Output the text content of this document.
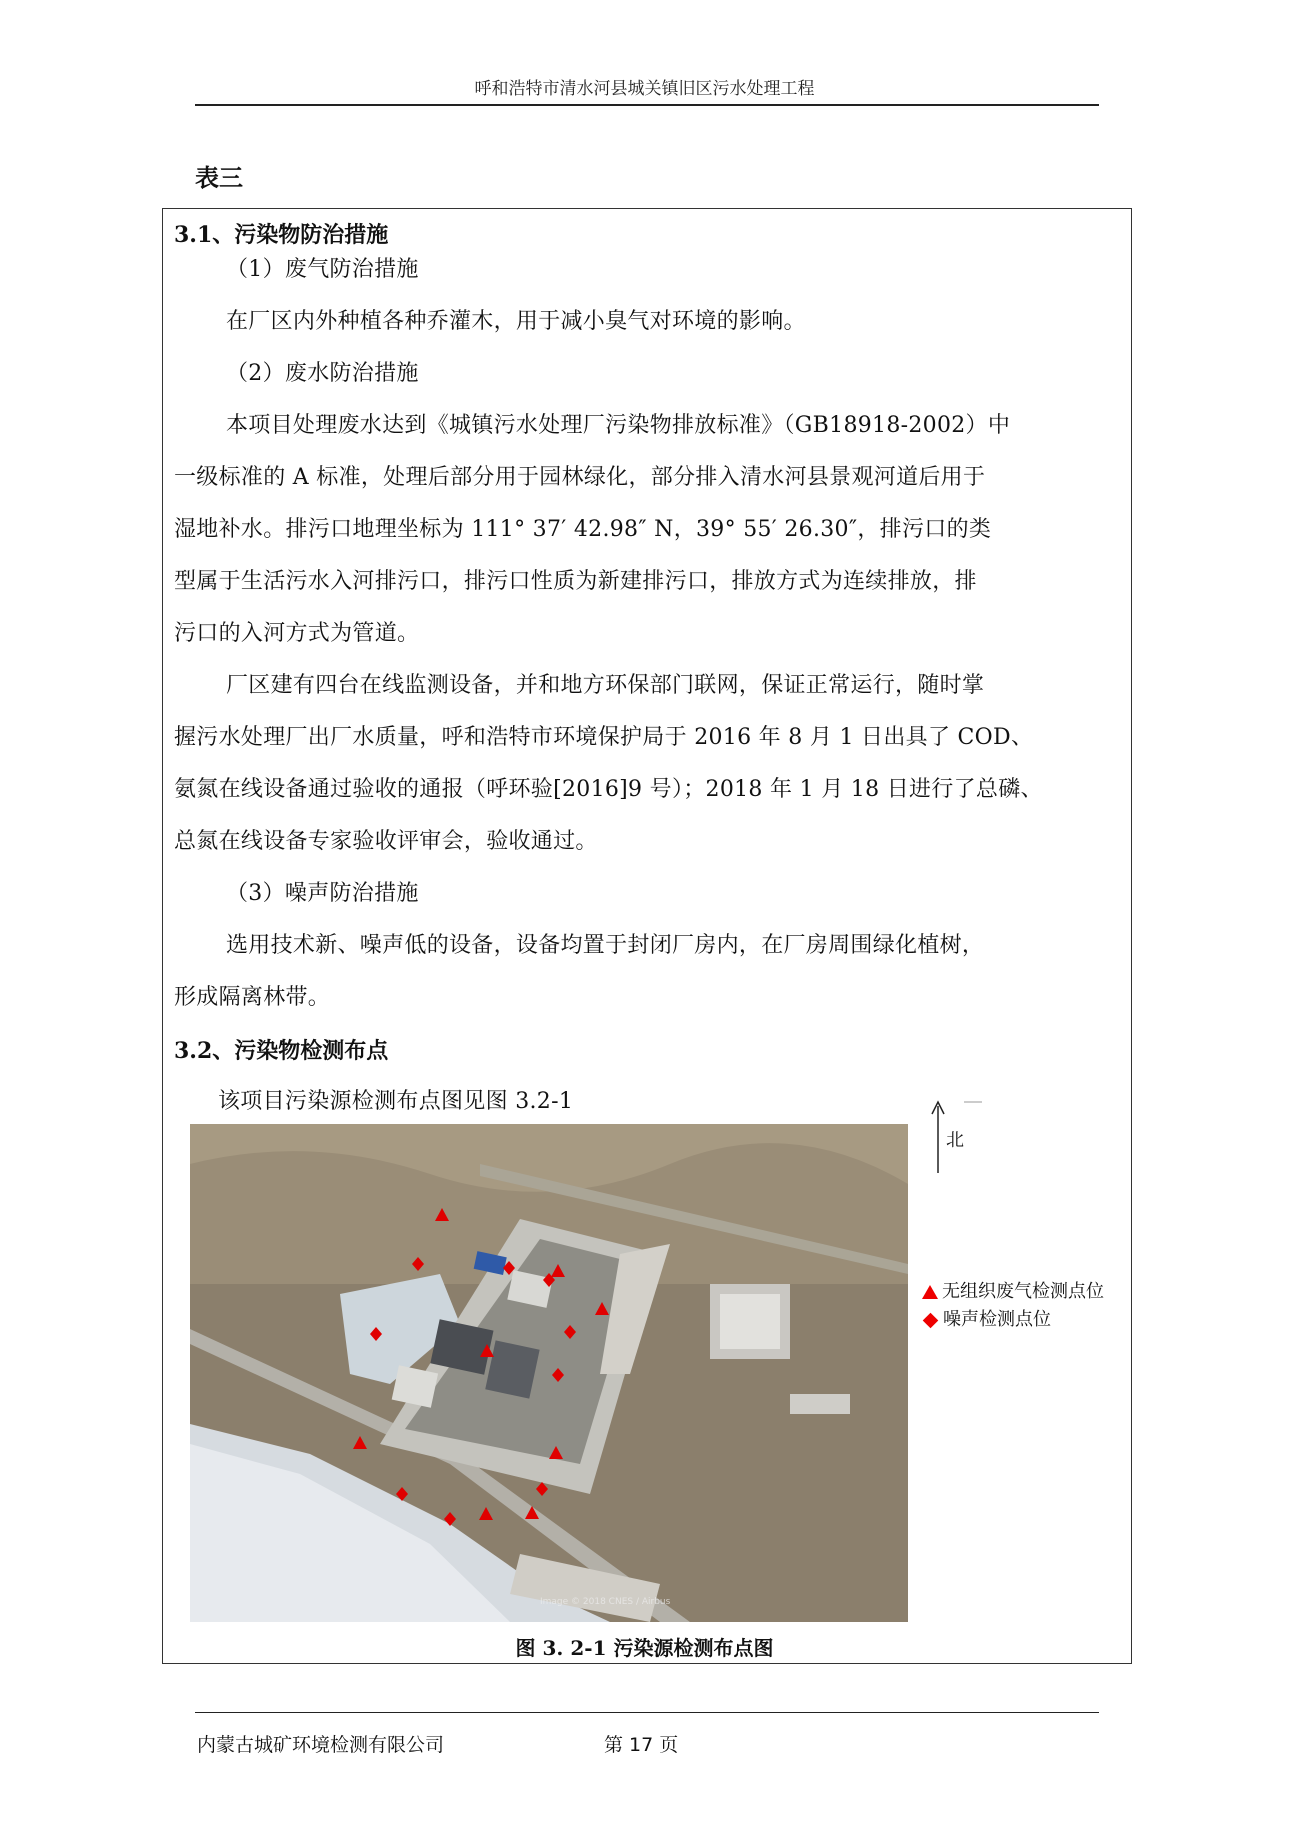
呼和浩特市清水河县城关镇旧区污水处理工程
表三
3.1、污染物防治措施
（1）废气防治措施
在厂区内外种植各种乔灌木，用于减小臭气对环境的影响。
（2）废水防治措施
本项目处理废水达到《城镇污水处理厂污染物排放标准》（GB18918-2002）中
一级标准的 A 标准，处理后部分用于园林绿化，部分排入清水河县景观河道后用于
湿地补水。排污口地理坐标为 111° 37′ 42.98″ N，39° 55′ 26.30″，排污口的类
型属于生活污水入河排污口，排污口性质为新建排污口，排放方式为连续排放，排
污口的入河方式为管道。
厂区建有四台在线监测设备，并和地方环保部门联网，保证正常运行，随时掌
握污水处理厂出厂水质量，呼和浩特市环境保护局于 2016 年 8 月 1 日出具了 COD、
氨氮在线设备通过验收的通报（呼环验[2016]9 号）；2018 年 1 月 18 日进行了总磷、
总氮在线设备专家验收评审会，验收通过。
（3）噪声防治措施
选用技术新、噪声低的设备，设备均置于封闭厂房内，在厂房周围绿化植树，
形成隔离林带。
3.2、污染物检测布点
该项目污染源检测布点图见图 3.2-1
Image © 2018 CNES / Airbus
北
无组织废气检测点位
噪声检测点位
图 3. 2-1 污染源检测布点图
内蒙古城矿环境检测有限公司	第 17 页
